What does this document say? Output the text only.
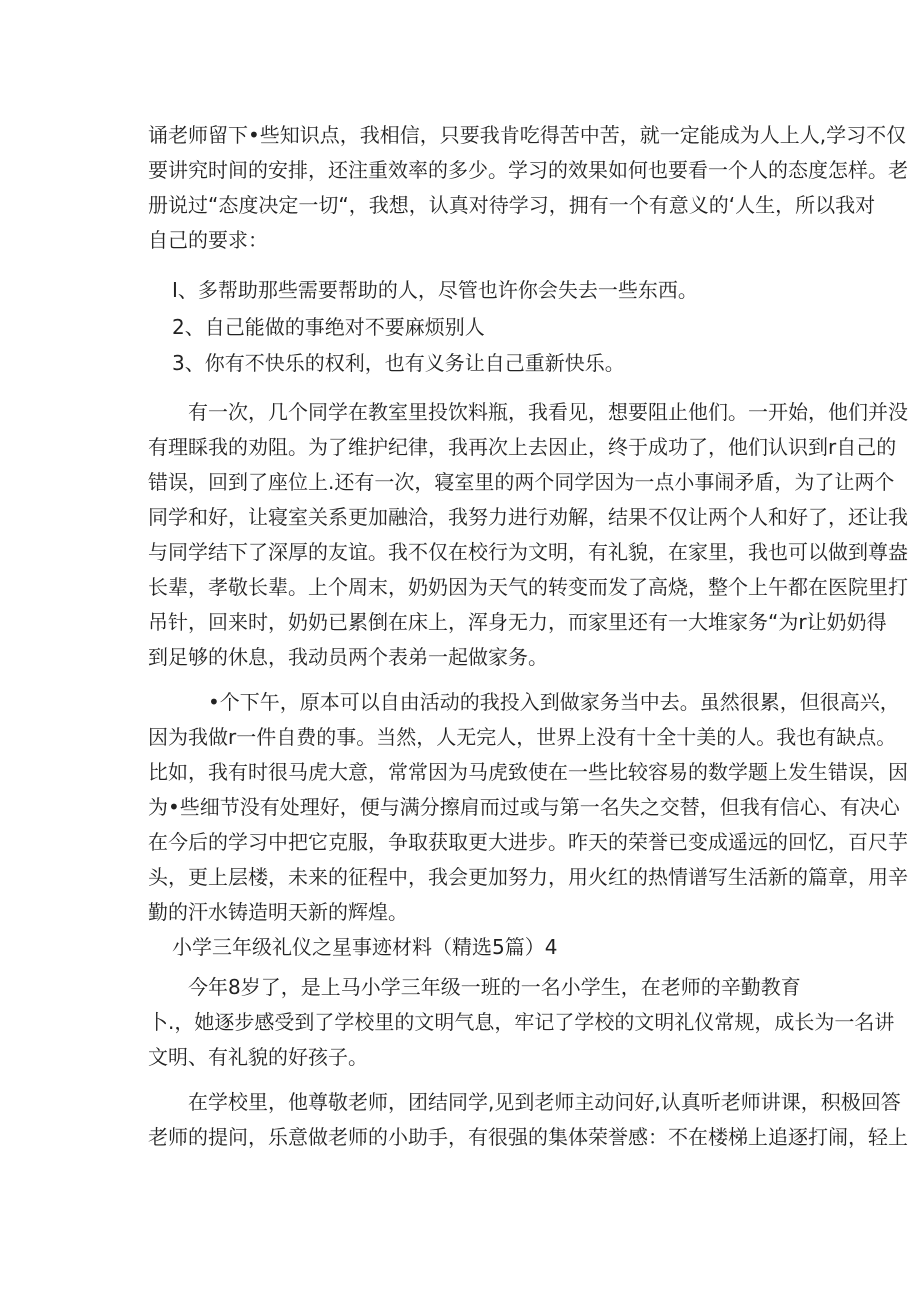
诵老师留下•些知识点，我相信，只要我肯吃得苦中苦，就一定能成为人上人,学习不仅
要讲究时间的安排，还注重效率的多少。学习的效果如何也要看一个人的态度怎样。老
册说过“态度决定一切“，我想，认真对待学习，拥有一个有意义的‘人生，所以我对
自己的要求：

I、多帮助那些需要帮助的人，尽管也许你会失去一些东西。

2、自己能做的事绝对不要麻烦别人

3、你有不快乐的权利，也有义务让自己重新快乐。

　　有一次，几个同学在教室里投饮料瓶，我看见，想要阻止他们。一开始，他们并没
有理睬我的劝阻。为了维护纪律，我再次上去因止，终于成功了，他们认识到r自己的
错误，回到了座位上.还有一次，寝室里的两个同学因为一点小事闹矛盾，为了让两个
同学和好，让寝室关系更加融洽，我努力进行劝解，结果不仅让两个人和好了，还让我
与同学结下了深厚的友谊。我不仅在校行为文明，有礼貌，在家里，我也可以做到尊盎
长辈，孝敬长辈。上个周末，奶奶因为天气的转变而发了高烧，整个上午都在医院里打
吊针，回来时，奶奶已累倒在床上，浑身无力，而家里还有一大堆家务“为r让奶奶得
到足够的休息，我动员两个表弟一起做家务。
　　　•个下午，原本可以自由活动的我投入到做家务当中去。虽然很累，但很高兴，
因为我做r一件自费的事。当然，人无完人，世界上没有十全十美的人。我也有缺点。
比如，我有时很马虎大意，常常因为马虎致使在一些比较容易的数学题上发生错误，因
为•些细节没有处理好，便与满分擦肩而过或与第一名失之交替，但我有信心、有决心
在今后的学习中把它克服，争取获取更大进步。昨天的荣誉已变成遥远的回忆，百尺芋
头，更上层楼，未来的征程中，我会更加努力，用火红的热情谱写生活新的篇章，用辛
勤的汗水铸造明天新的辉煌。

小学三年级礼仪之星事迹材料（精选5篇）4

　　今年8岁了，是上马小学三年级一班的一名小学生，在老师的辛勤教育
卜.，她逐步感受到了学校里的文明气息，牢记了学校的文明礼仪常规，成长为一名讲
文明、有礼貌的好孩子。
　　在学校里，他尊敬老师，团结同学,见到老师主动问好,认真听老师讲课，积极回答
老师的提问，乐意做老师的小助手，有很强的集体荣誉感：不在楼梯上追逐打闹，轻上
